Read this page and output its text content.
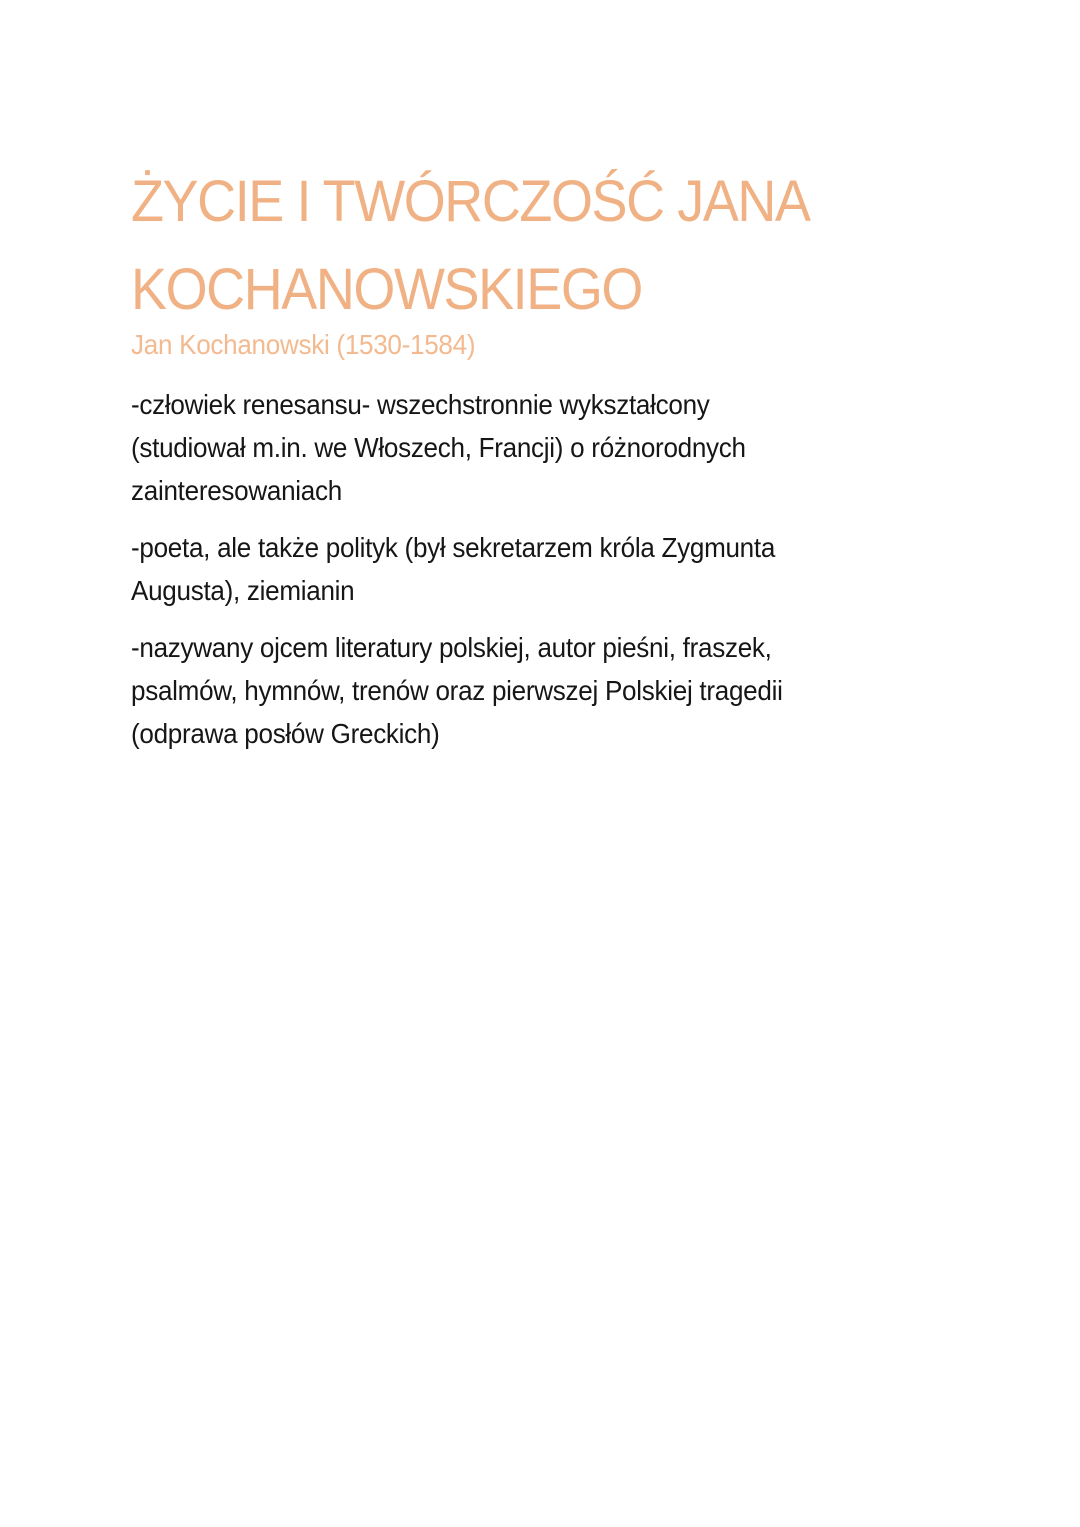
ŻYCIE I TWÓRCZOŚĆ JANA
KOCHANOWSKIEGO

Jan Kochanowski (1530-1584)

-człowiek renesansu- wszechstronnie wykształcony
(studiował m.in. we Włoszech, Francji) o różnorodnych
zainteresowaniach

-poeta, ale także polityk (był sekretarzem króla Zygmunta
Augusta), ziemianin

-nazywany ojcem literatury polskiej, autor pieśni, fraszek,
psalmów, hymnów, trenów oraz pierwszej Polskiej tragedii
(odprawa posłów Greckich)
